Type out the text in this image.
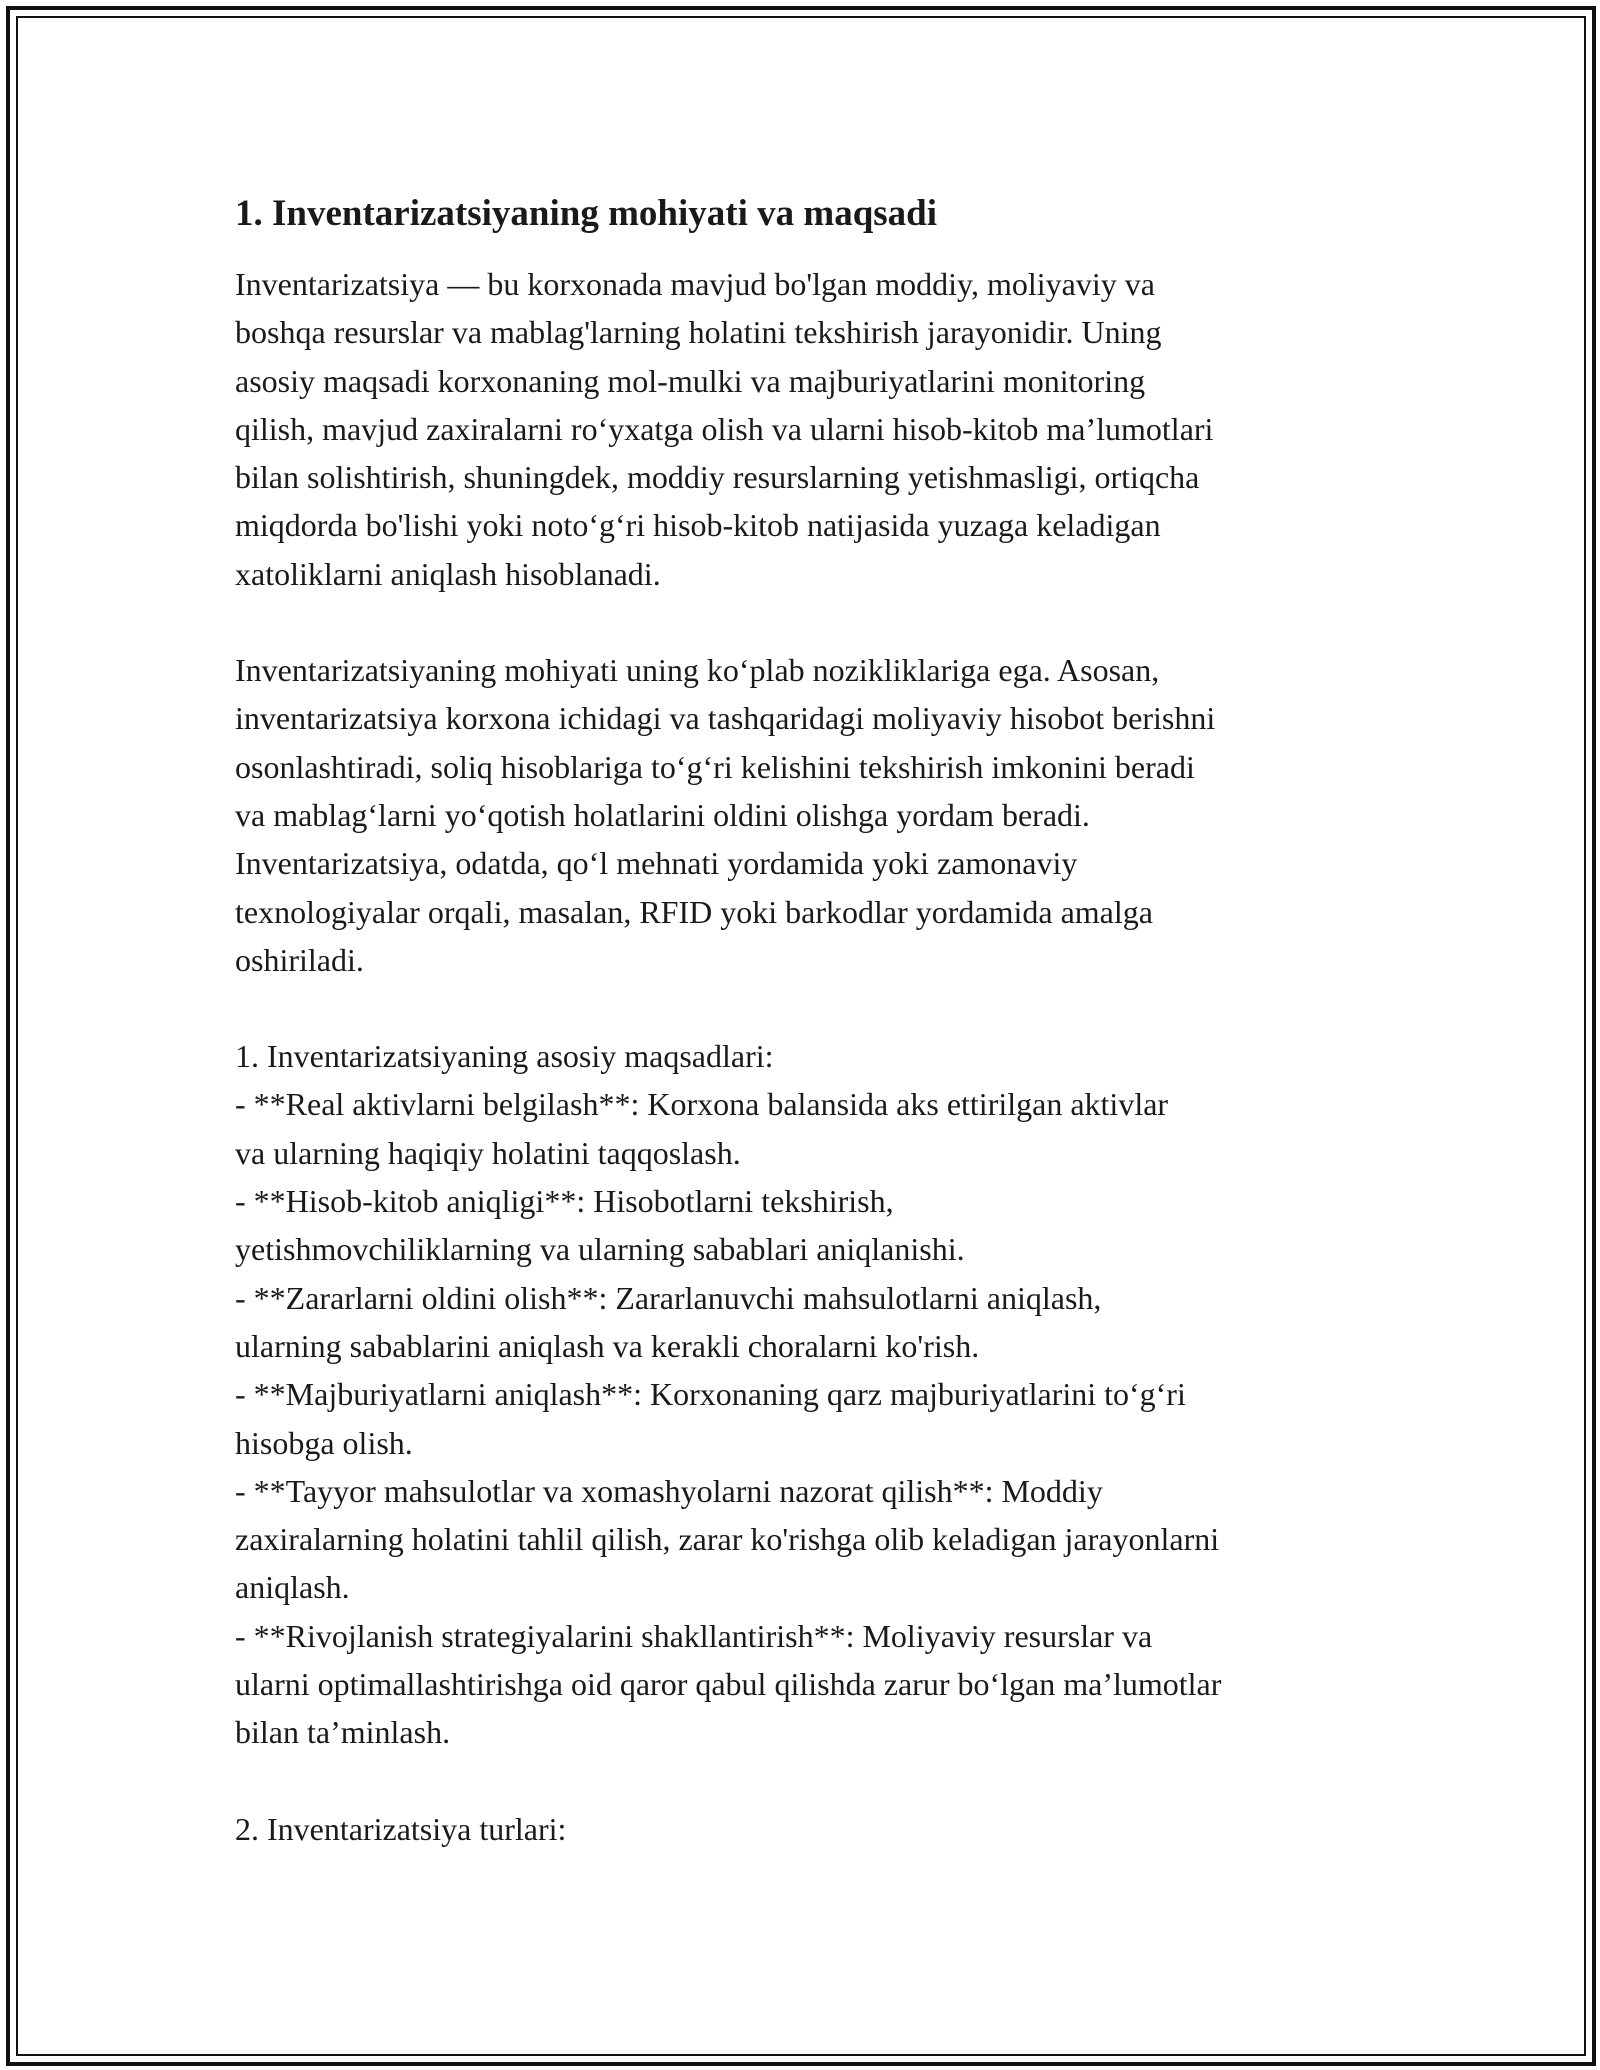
1. Inventarizatsiyaning mohiyati va maqsadi

Inventarizatsiya — bu korxonada mavjud bo'lgan moddiy, moliyaviy va
boshqa resurslar va mablag'larning holatini tekshirish jarayonidir. Uning
asosiy maqsadi korxonaning mol-mulki va majburiyatlarini monitoring
qilish, mavjud zaxiralarni ro‘yxatga olish va ularni hisob-kitob ma’lumotlari
bilan solishtirish, shuningdek, moddiy resurslarning yetishmasligi, ortiqcha
miqdorda bo'lishi yoki noto‘g‘ri hisob-kitob natijasida yuzaga keladigan
xatoliklarni aniqlash hisoblanadi.

Inventarizatsiyaning mohiyati uning ko‘plab nozikliklariga ega. Asosan,
inventarizatsiya korxona ichidagi va tashqaridagi moliyaviy hisobot berishni
osonlashtiradi, soliq hisoblariga to‘g‘ri kelishini tekshirish imkonini beradi
va mablag‘larni yo‘qotish holatlarini oldini olishga yordam beradi.
Inventarizatsiya, odatda, qo‘l mehnati yordamida yoki zamonaviy
texnologiyalar orqali, masalan, RFID yoki barkodlar yordamida amalga
oshiriladi.

1. Inventarizatsiyaning asosiy maqsadlari:

- **Real aktivlarni belgilash**: Korxona balansida aks ettirilgan aktivlar
va ularning haqiqiy holatini taqqoslash.

- **Hisob-kitob aniqligi**: Hisobotlarni tekshirish,
yetishmovchiliklarning va ularning sabablari aniqlanishi.

- **Zararlarni oldini olish**: Zararlanuvchi mahsulotlarni aniqlash,
ularning sabablarini aniqlash va kerakli choralarni ko'rish.

- **Majburiyatlarni aniqlash**: Korxonaning qarz majburiyatlarini to‘g‘ri
hisobga olish.

- **Tayyor mahsulotlar va xomashyolarni nazorat qilish**: Moddiy
zaxiralarning holatini tahlil qilish, zarar ko'rishga olib keladigan jarayonlarni
aniqlash.

- **Rivojlanish strategiyalarini shakllantirish**: Moliyaviy resurslar va
ularni optimallashtirishga oid qaror qabul qilishda zarur bo‘lgan ma’lumotlar
bilan ta’minlash.

2. Inventarizatsiya turlari:
